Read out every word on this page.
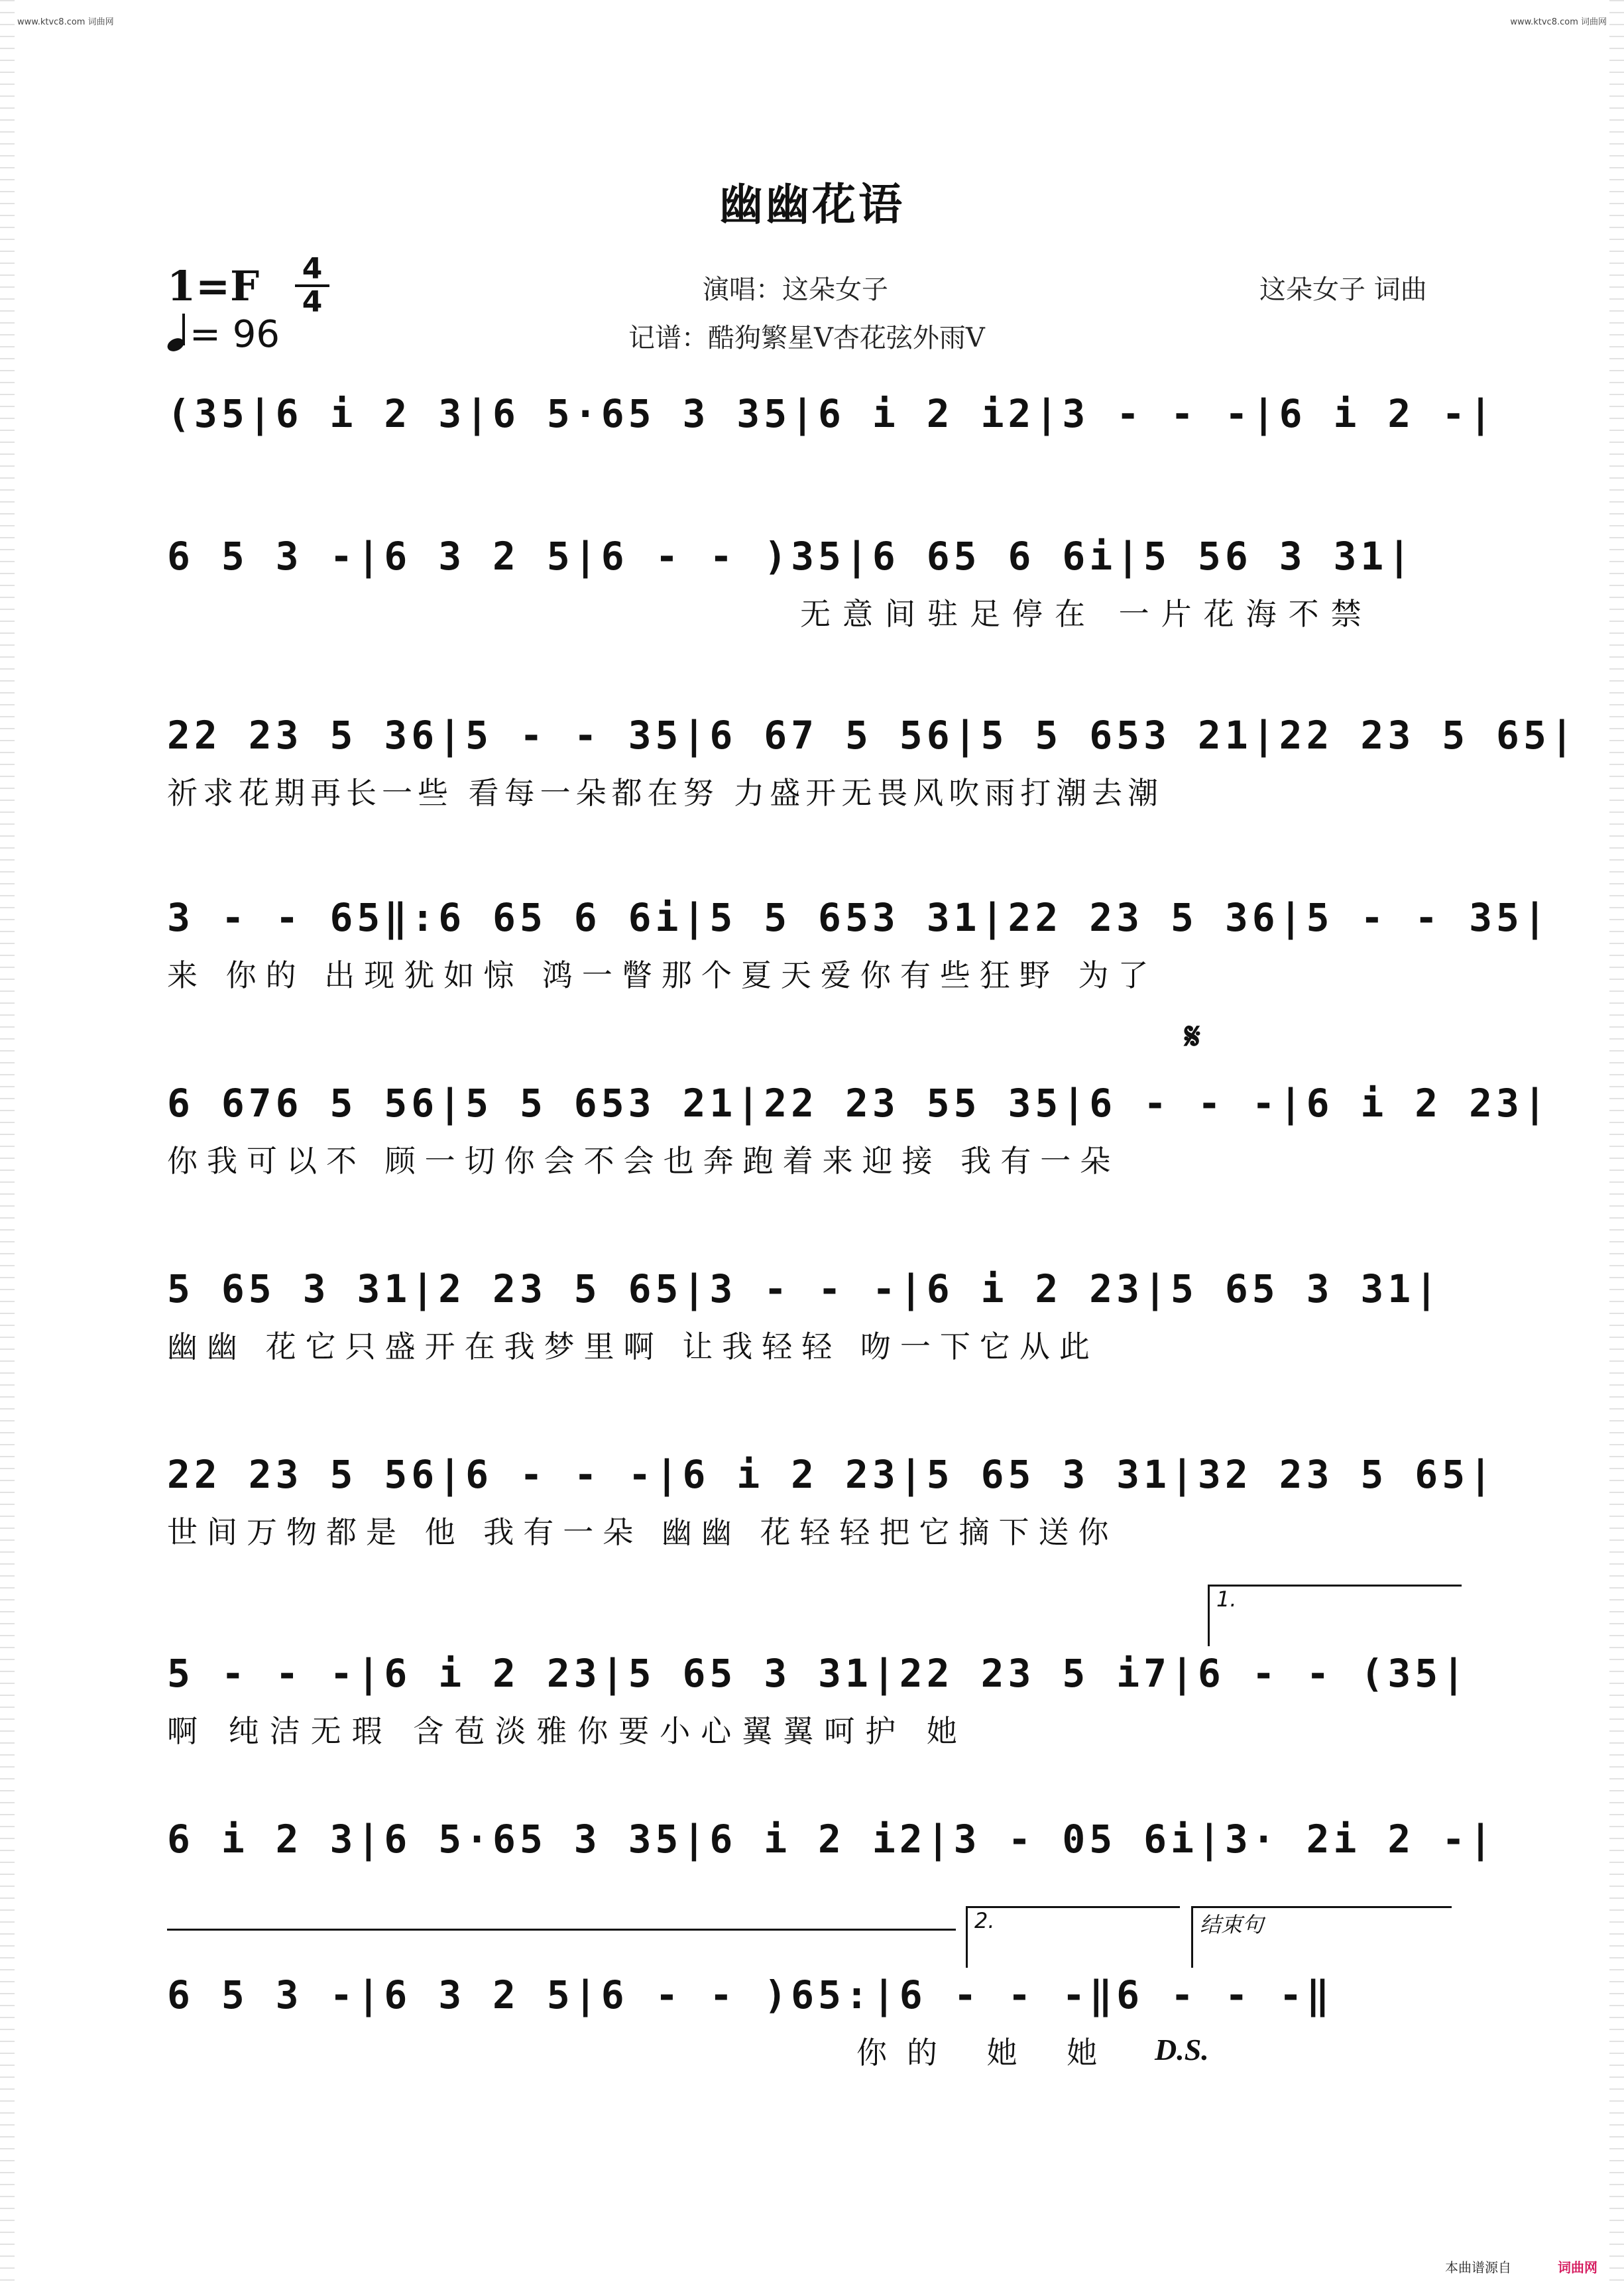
www.ktvc8.com 词曲网	www.ktvc8.com 词曲网
幽幽花语
1=F 4
4
= 96
演唱：这朵女子	这朵女子 词曲
记谱：酷狗繁星V杏花弦外雨V
(35|6 i 2 3|6 5·65 3 35|6 i 2 i2|3 - - -|6 i 2 -|
6 5 3 -|6 3 2 5|6 - - )35|6 65 6 6i|5 56 3 31|
无意间驻足停在 一片花海不禁
22 23 5 36|5 - - 35|6 67 5 56|5 5 653 21|22 23 5 65|
祈求花期再长一些 看每一朵都在努 力盛开无畏风吹雨打潮去潮
3 - - 65‖:6 65 6 6i|5 5 653 31|22 23 5 36|5 - - 35|
来 你的 出现犹如惊 鸿一瞥那个夏天爱你有些狂野 为了
𝄋
6 676 5 56|5 5 653 21|22 23 55 35|6 - - -|6 i 2 23|
你我可以不 顾一切你会不会也奔跑着来迎接 我有一朵
5 65 3 31|2 23 5 65|3 - - -|6 i 2 23|5 65 3 31|
幽幽 花它只盛开在我梦里啊 让我轻轻 吻一下它从此
22 23 5 56|6 - - -|6 i 2 23|5 65 3 31|32 23 5 65|
世间万物都是 他 我有一朵 幽幽 花轻轻把它摘下送你
1.
5 - - -|6 i 2 23|5 65 3 31|22 23 5 i7|6 - - (35|
啊 纯洁无瑕 含苞淡雅你要小心翼翼呵护 她
6 i 2 3|6 5·65 3 35|6 i 2 i2|3 - 05 6i|3· 2i 2 -|
2.	结束句
6 5 3 -|6 3 2 5|6 - - )65:|6 - - -‖6 - - -‖
你的 她 她 D.S.
本曲谱源自	词曲网
